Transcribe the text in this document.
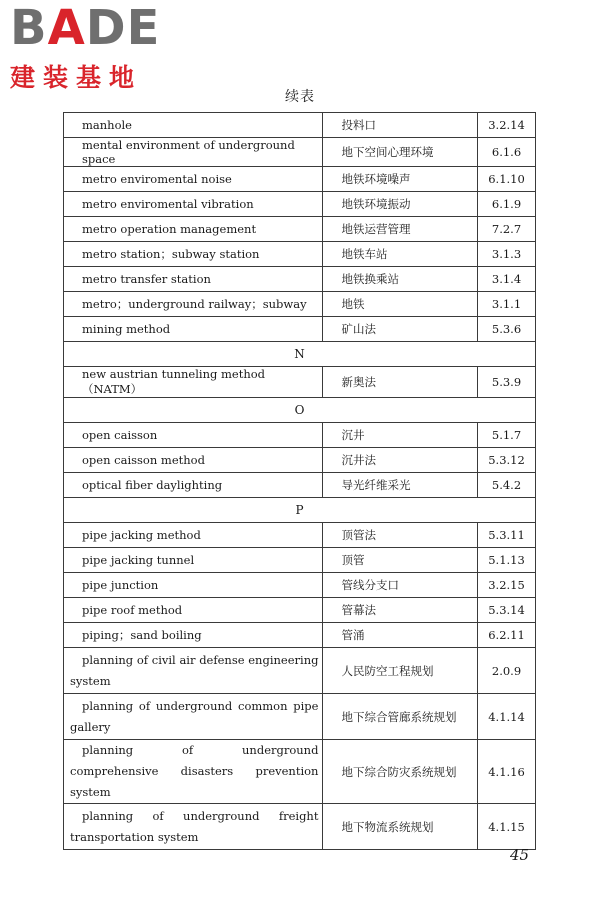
BADE
建装基地
续表
manhole	投料口	3.2.14
mental environment of underground space	地下空间心理环境	6.1.6
metro enviromental noise	地铁环境噪声	6.1.10
metro enviromental vibration	地铁环境振动	6.1.9
metro operation management	地铁运营管理	7.2.7
metro station；subway station	地铁车站	3.1.3
metro transfer station	地铁换乘站	3.1.4
metro；underground railway；subway	地铁	3.1.1
mining method	矿山法	5.3.6
N		
new austrian tunneling method（NATM）	新奥法	5.3.9
O		
open caisson	沉井	5.1.7
open caisson method	沉井法	5.3.12
optical fiber daylighting	导光纤维采光	5.4.2
P		
pipe jacking method	顶管法	5.3.11
pipe jacking tunnel	顶管	5.1.13
pipe junction	管线分支口	3.2.15
pipe roof method	管幕法	5.3.14
piping；sand boiling	管涌	6.2.11
planning of civil air defense engineering system	人民防空工程规划	2.0.9
planning of underground common pipe gallery	地下综合管廊系统规划	4.1.14
planning of underground comprehensive disasters prevention system	地下综合防灾系统规划	4.1.16
planning of underground freight transportation system	地下物流系统规划	4.1.15
45
